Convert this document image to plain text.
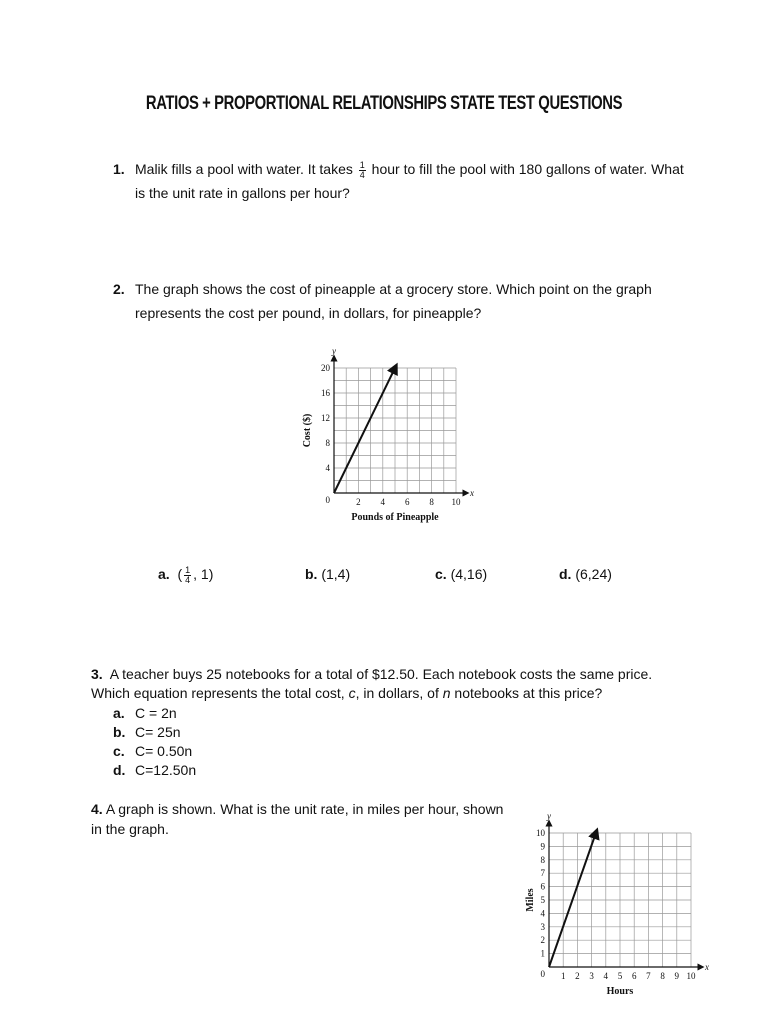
RATIOS + PROPORTIONAL RELATIONSHIPS STATE TEST QUESTIONS
1. Malik fills a pool with water. It takes $\frac{1}{4}$ hour to fill the pool with 180 gallons of water. What
is the unit rate in gallons per hour?
2. The graph shows the cost of pineapple at a grocery store. Which point on the graph
represents the cost per pound, in dollars, for pineapple?
x
y
2 4 6 8 10
4
8
12
16
20
0
Pounds of Pineapple
Cost ($)
a. ( $\frac{1}{4}$ , 1)	b. (1,4)	c. (4,16)	d. (6,24)
3. A teacher buys 25 notebooks for a total of $12.50. Each notebook costs the same price.
Which equation represents the total cost, c, in dollars, of n notebooks at this price?
a. C = 2n
b. C= 25n
c. C= 0.50n
d. C=12.50n
4. A graph is shown. What is the unit rate, in miles per hour, shown
in the graph.
x
y
1 2 3 4 5 6 7 8 9 10
1
2
3
4
5
6
7
8
9
10
0
Hours
Miles
